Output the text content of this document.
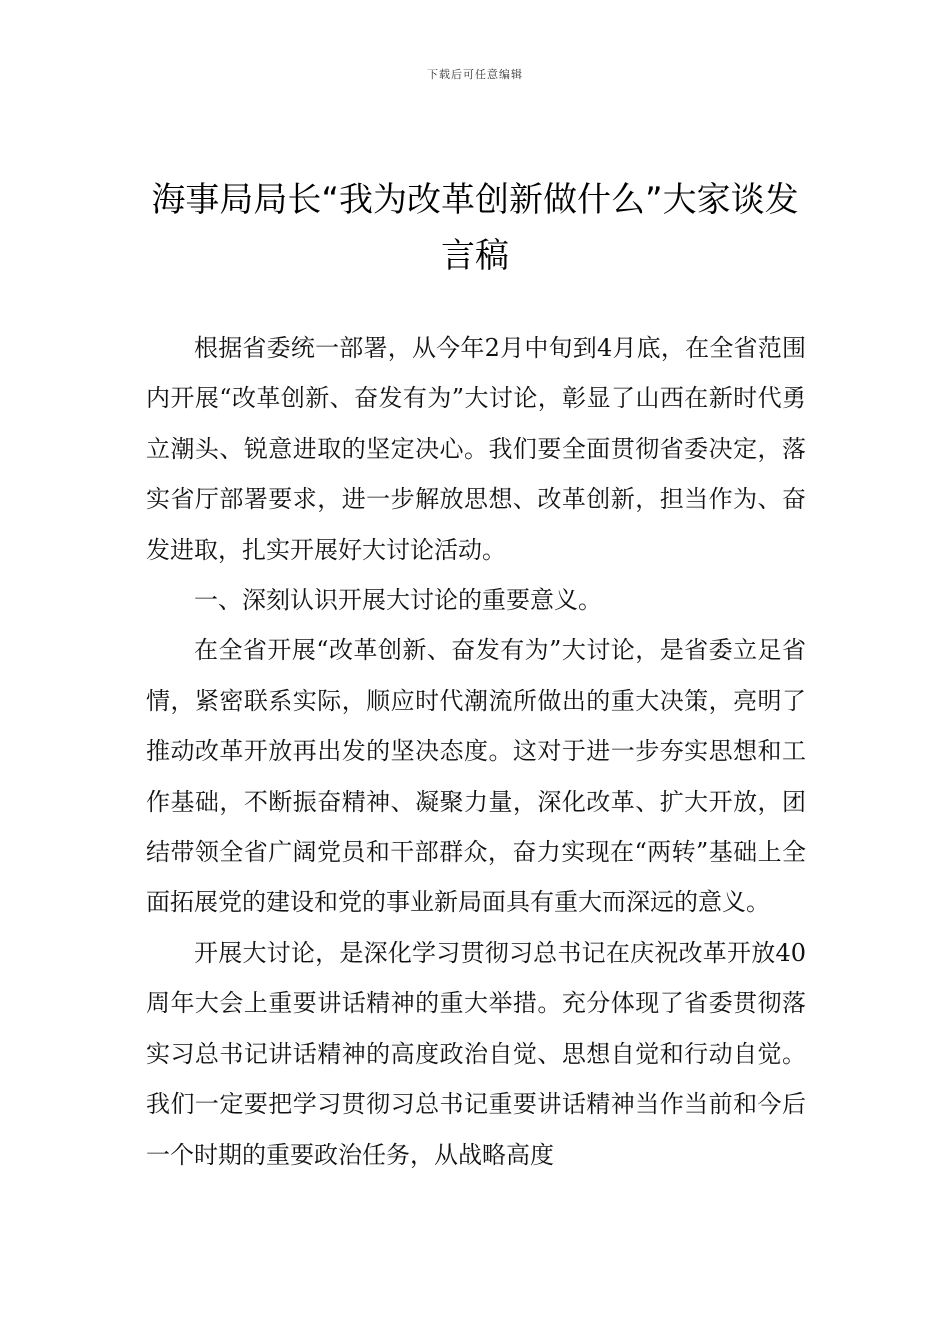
下载后可任意编辑
海事局局长“我为改革创新做什么”大家谈发言稿

根据省委统一部署，从今年2月中旬到4月底，在全省范围内开展“改革创新、奋发有为”大讨论，彰显了山西在新时代勇立潮头、锐意进取的坚定决心。我们要全面贯彻省委决定，落实省厅部署要求，进一步解放思想、改革创新，担当作为、奋发进取，扎实开展好大讨论活动。

一、深刻认识开展大讨论的重要意义。

在全省开展“改革创新、奋发有为”大讨论，是省委立足省情，紧密联系实际，顺应时代潮流所做出的重大决策，亮明了推动改革开放再出发的坚决态度。这对于进一步夯实思想和工作基础，不断振奋精神、凝聚力量，深化改革、扩大开放，团结带领全省广阔党员和干部群众，奋力实现在“两转”基础上全面拓展党的建设和党的事业新局面具有重大而深远的意义。

开展大讨论，是深化学习贯彻习总书记在庆祝改革开放40周年大会上重要讲话精神的重大举措。充分体现了省委贯彻落实习总书记讲话精神的高度政治自觉、思想自觉和行动自觉。我们一定要把学习贯彻习总书记重要讲话精神当作当前和今后一个时期的重要政治任务，从战略高度
